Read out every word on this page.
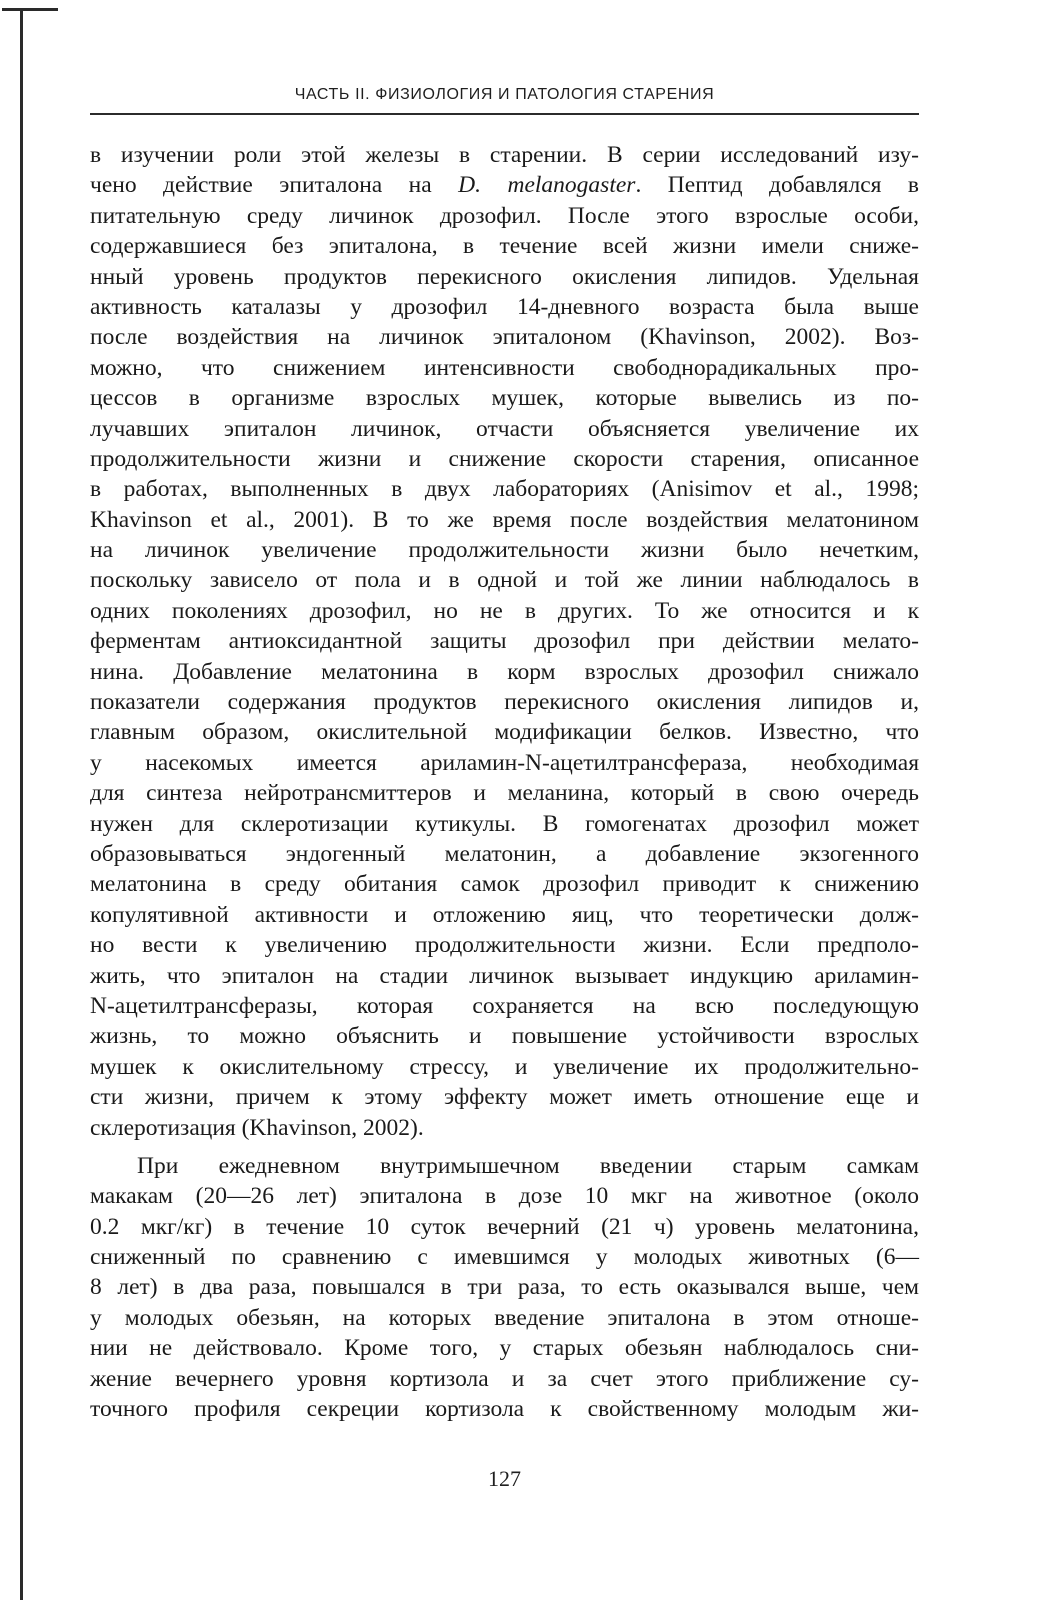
ЧАСТЬ II. ФИЗИОЛОГИЯ И ПАТОЛОГИЯ СТАРЕНИЯ
в изучении роли этой железы в старении. В серии исследований изу-
чено действие эпиталона на D. melanogaster. Пептид добавлялся в
питательную среду личинок дрозофил. После этого взрослые особи,
содержавшиеся без эпиталона, в течение всей жизни имели сниже-
нный уровень продуктов перекисного окисления липидов. Удельная
активность каталазы у дрозофил 14-дневного возраста была выше
после воздействия на личинок эпиталоном (Khavinson, 2002). Воз-
можно, что снижением интенсивности свободнорадикальных про-
цессов в организме взрослых мушек, которые вывелись из по-
лучавших эпиталон личинок, отчасти объясняется увеличение их
продолжительности жизни и снижение скорости старения, описанное
в работах, выполненных в двух лабораториях (Anisimov et al., 1998;
Khavinson et al., 2001). В то же время после воздействия мелатонином
на личинок увеличение продолжительности жизни было нечетким,
поскольку зависело от пола и в одной и той же линии наблюдалось в
одних поколениях дрозофил, но не в других. То же относится и к
ферментам антиоксидантной защиты дрозофил при действии мелато-
нина. Добавление мелатонина в корм взрослых дрозофил снижало
показатели содержания продуктов перекисного окисления липидов и,
главным образом, окислительной модификации белков. Известно, что
у насекомых имеется ариламин-N-ацетилтрансфераза, необходимая
для синтеза нейротрансмиттеров и меланина, который в свою очередь
нужен для склеротизации кутикулы. В гомогенатах дрозофил может
образовываться эндогенный мелатонин, а добавление экзогенного
мелатонина в среду обитания самок дрозофил приводит к снижению
копулятивной активности и отложению яиц, что теоретически долж-
но вести к увеличению продолжительности жизни. Если предполо-
жить, что эпиталон на стадии личинок вызывает индукцию ариламин-
N-ацетилтрансферазы, которая сохраняется на всю последующую
жизнь, то можно объяснить и повышение устойчивости взрослых
мушек к окислительному стрессу, и увеличение их продолжительно-
сти жизни, причем к этому эффекту может иметь отношение еще и
склеротизация (Khavinson, 2002).
При ежедневном внутримышечном введении старым самкам
макакам (20—26 лет) эпиталона в дозе 10 мкг на животное (около
0.2 мкг/кг) в течение 10 суток вечерний (21 ч) уровень мелатонина,
сниженный по сравнению с имевшимся у молодых животных (6—
8 лет) в два раза, повышался в три раза, то есть оказывался выше, чем
у молодых обезьян, на которых введение эпиталона в этом отноше-
нии не действовало. Кроме того, у старых обезьян наблюдалось сни-
жение вечернего уровня кортизола и за счет этого приближение су-
точного профиля секреции кортизола к свойственному молодым жи-
127
